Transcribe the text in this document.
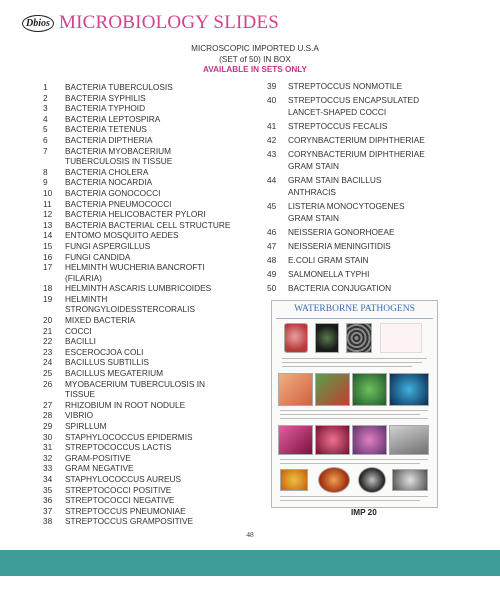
Dbios MICROBIOLOGY SLIDES
MICROSCOPIC IMPORTED U.S.A
(SET of 50) IN BOX
AVAILABLE IN SETS ONLY
1	BACTERIA TUBERCULOSIS
2	BACTERIA SYPHILIS
3	BACTERIA TYPHOID
4	BACTERIA LEPTOSPIRA
5	BACTERIA TETENUS
6	BACTERIA DIPTHERIA
7	BACTERIA MYOBACERIUM
TUBERCULOSIS IN TISSUE
8	BACTERIA CHOLERA
9	BACTERIA NOCARDIA
10	BACTERIA GONOCOCCI
11	BACTERIA PNEUMOCOCCI
12	BACTERIA HELICOBACTER PYLORI
13	BACTERIA BACTERIAL CELL STRUCTURE
14	ENTOMO MOSQUITO AEDES
15	FUNGI ASPERGILLUS
16	FUNGI CANDIDA
17	HELMINTH WUCHERIA BANCROFTI
(FILARIA)
18	HELMINTH ASCARIS LUMBRICOIDES
19	HELMINTH
STRONGYLOIDESSTERCORALIS
20	MIXED BACTERIA
21	COCCI
22	BACILLI
23	ESCEROCJOA COLI
24	BACILLUS SUBTILLIS
25	BACILLUS MEGATERIUM
26	MYOBACERIUM TUBERCULOSIS IN
TISSUE
27	RHIZOBIUM IN ROOT NODULE
28	VIBRIO
29	SPIRLLUM
30	STAPHYLOCOCCUS EPIDERMIS
31	STREPTOCOCCUS LACTIS
32	GRAM-POSITIVE
33	GRAM NEGATIVE
34	STAPHYLOCOCCUS AUREUS
35	STREPTOCOCCI POSITIVE
36	STREPTOCOCCI NEGATIVE
37	STREPTOCCUS PNEUMONIAE
38	STREPTOCCUS GRAMPOSITIVE
39	STREPTOCCUS NONMOTILE
40	STREPTOCCUS ENCAPSULATED
LANCET-SHAPED COCCI
41	STREPTOCCUS FECALIS
42	CORYNBACTERIUM DIPHTHERIAE
43	CORYNBACTERIUM DIPHTHERIAE
GRAM STAIN
44	GRAM STAIN BACILLUS
ANTHRACIS
45	LISTERIA MONOCYTOGENES
GRAM STAIN
46	NEISSERIA GONORHOEAE
47	NEISSERIA MENINGITIDIS
48	E.COLI GRAM STAIN
49	SALMONELLA TYPHI
50	BACTERIA CONJUGATION
WATERBORNE PATHOGENS
IMP 20
48
